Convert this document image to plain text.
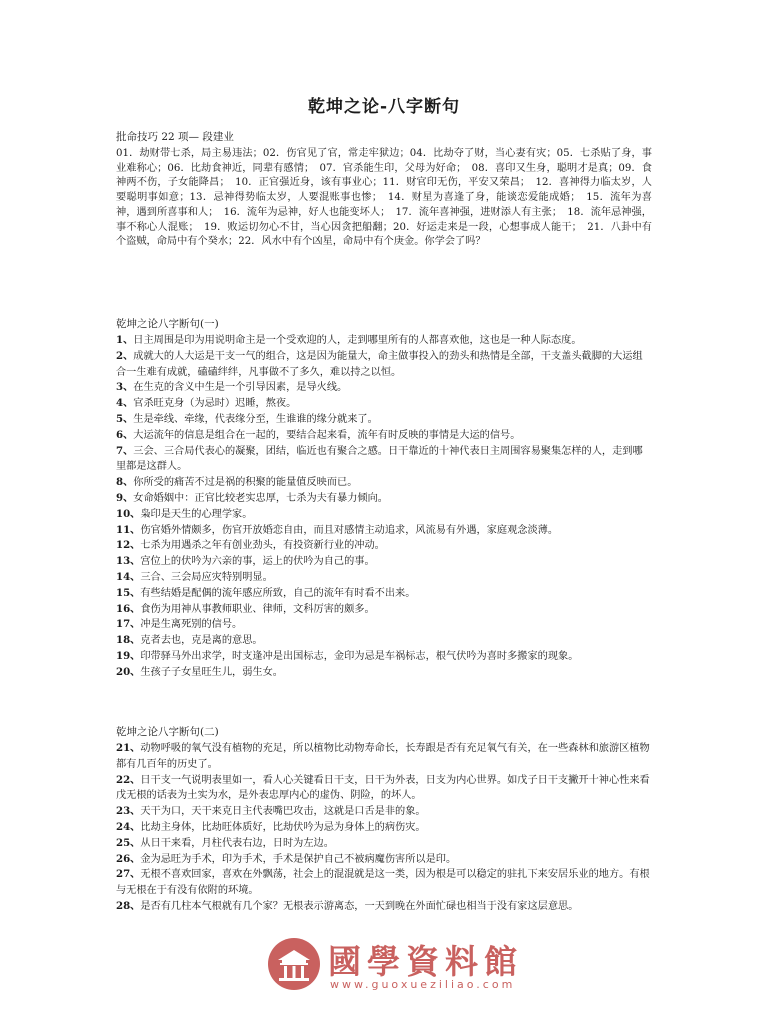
乾坤之论-八字断句
批命技巧 22 项— 段建业
01．劫财带七杀，局主易违法；02．伤官见了官，常走牢狱边；04．比劫夺了财，当心妻有灾；05．七杀贴了身，事业难称心；06．比劫食神近，同辈有感情；　07．官杀能生印，父母为好命；　08．喜印又生身，聪明才是真；09．食神两不伤，子女能降昌；　10．正官强近身，该有事业心；11．财官印无伤，平安又荣昌；　12．喜神得力临太岁，人要聪明事如意；13．忌神得势临太岁，人要混账事也惨；　14．财星为喜逢了身，能谈恋爱能成婚；　15．流年为喜神，遇到所喜事和人；　16．流年为忌神，好人也能变坏人；　17．流年喜神强，进财添人有主张；　18．流年忌神强，事不称心人混账；　19．败运切勿心不甘，当心因贪把船翻；20．好运走来是一段，心想事成人能干；　21．八卦中有个盗贼，命局中有个癸水；22．风水中有个凶星，命局中有个庚金。你学会了吗？
乾坤之论八字断句(一)
1、日主周围是印为用说明命主是一个受欢迎的人，走到哪里所有的人都喜欢他，这也是一种人际态度。
2、成就大的人大运是干支一气的组合，这是因为能量大，命主做事投入的劲头和热情是全部，干支盖头截脚的大运组合一生难有成就，磕磕绊绊，凡事做不了多久，难以持之以恒。
3、在生克的含义中生是一个引导因素，是导火线。
4、官杀旺克身（为忌时）迟睡，熬夜。
5、生是牵线、牵缘，代表缘分至，生谁谁的缘分就来了。
6、大运流年的信息是组合在一起的，要结合起来看，流年有时反映的事情是大运的信号。
7、三会、三合局代表心的凝聚，团结，临近也有聚合之感。日干靠近的十神代表日主周围容易聚集怎样的人，走到哪里都是这群人。
8、你所受的痛苦不过是祸的积聚的能量值反映而已。
9、女命婚姻中：正官比较老实忠厚，七杀为夫有暴力倾向。
10、枭印是天生的心理学家。
11、伤官婚外情颇多，伤官开放婚恋自由，而且对感情主动追求，风流易有外遇，家庭观念淡薄。
12、七杀为用遇杀之年有创业劲头，有投资新行业的冲动。
13、宫位上的伏吟为六亲的事，运上的伏吟为自己的事。
14、三合、三会局应灾特别明显。
15、有些结婚是配偶的流年感应所致，自己的流年有时看不出来。
16、食伤为用神从事教师职业、律师，文科厉害的颇多。
17、冲是生离死别的信号。
18、克者去也，克是离的意思。
19、印带驿马外出求学，时支逢冲是出国标志，金印为忌是车祸标志，根气伏吟为喜时多搬家的现象。
20、生孩子子女星旺生儿，弱生女。
乾坤之论八字断句(二)
21、动物呼吸的氧气没有植物的充足，所以植物比动物寿命长，长寿跟是否有充足氧气有关，在一些森林和旅游区植物都有几百年的历史了。
22、日干支一气说明表里如一，看人心关键看日干支，日干为外表，日支为内心世界。如戊子日干支撇开十神心性来看戊无根的话表为土实为水，是外表忠厚内心的虚伪、阴险，的坏人。
23、天干为口，天干来克日主代表嘴巴攻击，这就是口舌是非的象。
24、比劫主身体，比劫旺体质好，比劫伏吟为忌为身体上的病伤灾。
25、从日干来看，月柱代表右边，日时为左边。
26、金为忌旺为手术，印为手术，手术是保护自己不被病魔伤害所以是印。
27、无根不喜欢回家，喜欢在外飘荡，社会上的混混就是这一类，因为根是可以稳定的驻扎下来安居乐业的地方。有根与无根在于有没有依附的环境。
28、是否有几柱本气根就有几个家？无根表示游离态，一天到晚在外面忙碌也相当于没有家这层意思。
國學資料館
www.guoxueziliao.com
